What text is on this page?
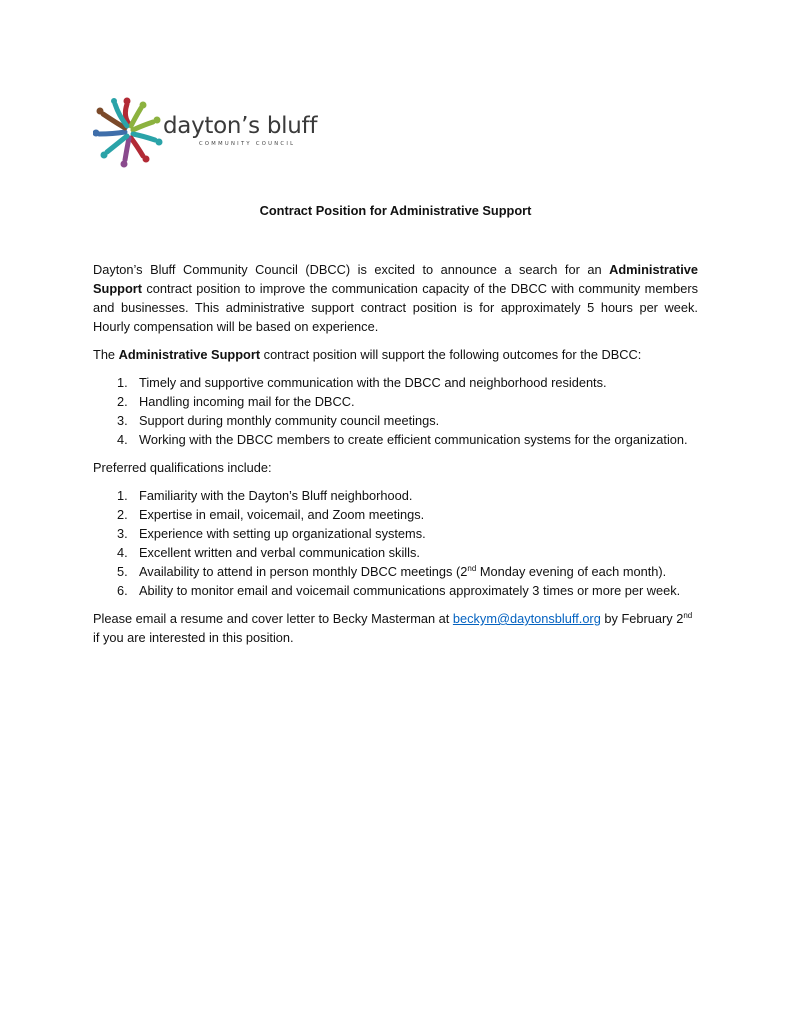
dayton’s bluff
COMMUNITY COUNCIL
Contract Position for Administrative Support

Dayton’s Bluff Community Council (DBCC) is excited to announce a search for an Administrative Support contract position to improve the communication capacity of the DBCC with community members and businesses. This administrative support contract position is for approximately 5 hours per week. Hourly compensation will be based on experience.

The Administrative Support contract position will support the following outcomes for the DBCC:

1. Timely and supportive communication with the DBCC and neighborhood residents.
2. Handling incoming mail for the DBCC.
3. Support during monthly community council meetings.
4. Working with the DBCC members to create efficient communication systems for the organization.

Preferred qualifications include:

1. Familiarity with the Dayton’s Bluff neighborhood.
2. Expertise in email, voicemail, and Zoom meetings.
3. Experience with setting up organizational systems.
4. Excellent written and verbal communication skills.
5. Availability to attend in person monthly DBCC meetings (2nd Monday evening of each month).
6. Ability to monitor email and voicemail communications approximately 3 times or more per week.

Please email a resume and cover letter to Becky Masterman at beckym@daytonsbluff.org by February 2nd
if you are interested in this position.
